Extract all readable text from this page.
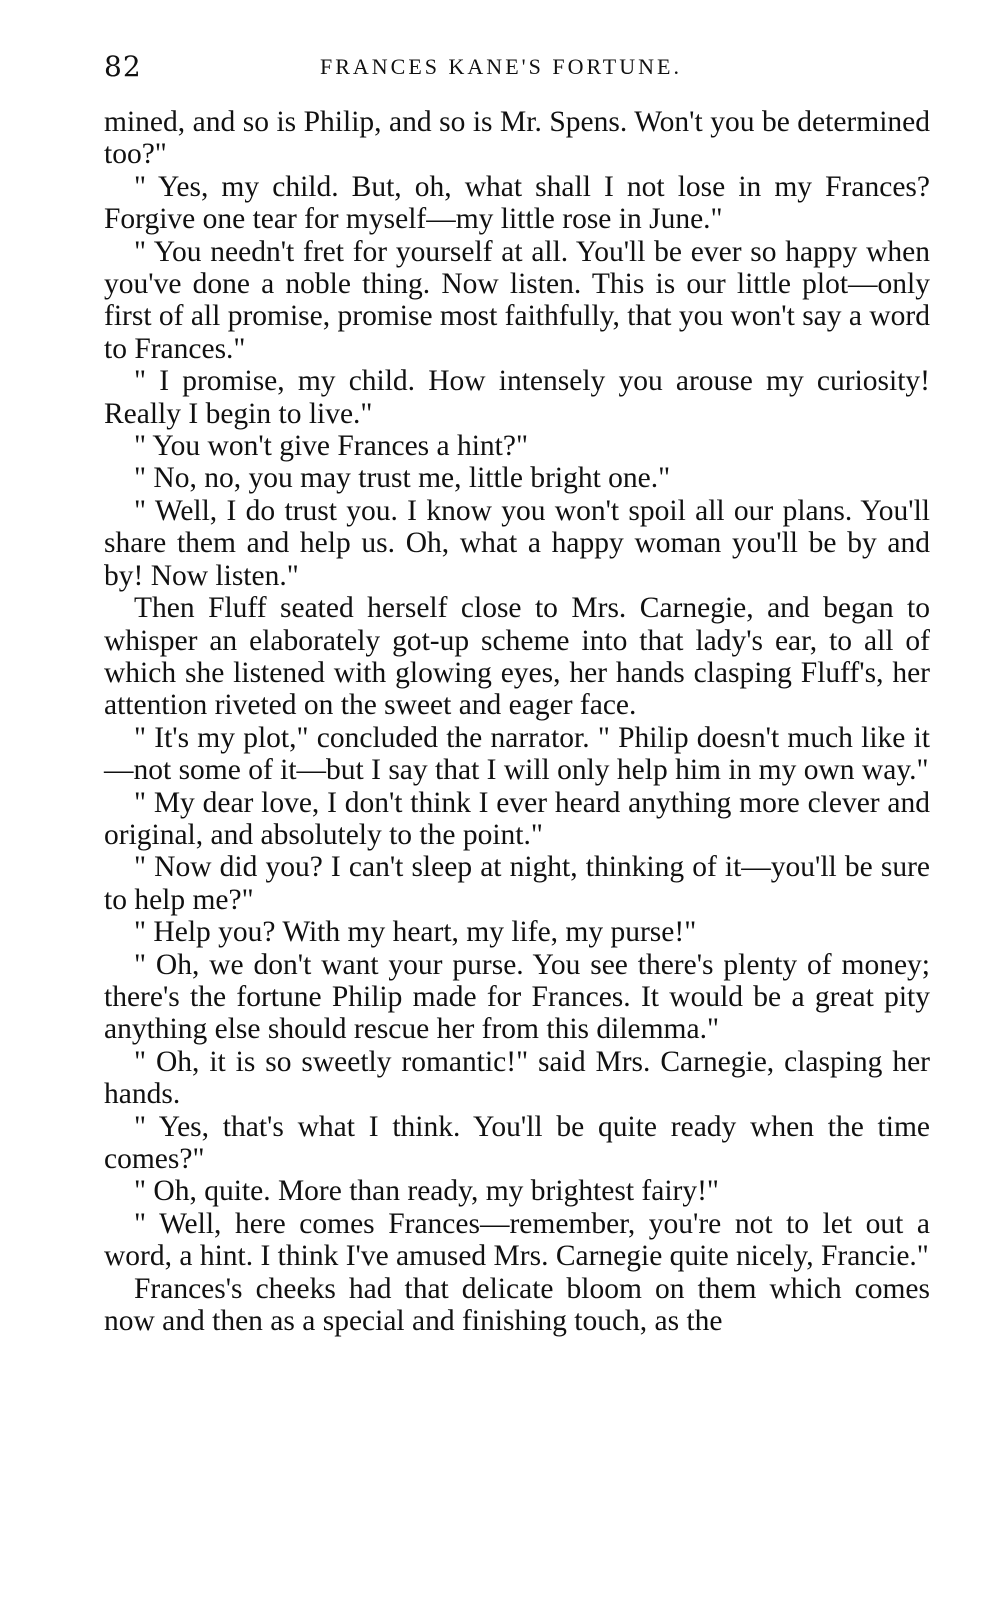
82	FRANCES KANE'S FORTUNE.

mined, and so is Philip, and so is Mr. Spens. Won't you be determined too?"

" Yes, my child. But, oh, what shall I not lose in my Frances? Forgive one tear for myself—my little rose in June."

" You needn't fret for yourself at all. You'll be ever so happy when you've done a noble thing. Now listen. This is our little plot—only first of all promise, promise most faithfully, that you won't say a word to Frances."

" I promise, my child. How intensely you arouse my curiosity! Really I begin to live."

" You won't give Frances a hint?"

" No, no, you may trust me, little bright one."

" Well, I do trust you. I know you won't spoil all our plans. You'll share them and help us. Oh, what a happy woman you'll be by and by! Now listen."

Then Fluff seated herself close to Mrs. Carnegie, and began to whisper an elaborately got-up scheme into that lady's ear, to all of which she listened with glowing eyes, her hands clasping Fluff's, her attention riveted on the sweet and eager face.

" It's my plot," concluded the narrator. " Philip doesn't much like it—not some of it—but I say that I will only help him in my own way."

" My dear love, I don't think I ever heard anything more clever and original, and absolutely to the point."

" Now did you? I can't sleep at night, thinking of it—you'll be sure to help me?"

" Help you? With my heart, my life, my purse!"

" Oh, we don't want your purse. You see there's plenty of money; there's the fortune Philip made for Frances. It would be a great pity anything else should rescue her from this dilemma."

" Oh, it is so sweetly romantic!" said Mrs. Carnegie, clasping her hands.

" Yes, that's what I think. You'll be quite ready when the time comes?"

" Oh, quite. More than ready, my brightest fairy!"

" Well, here comes Frances—remember, you're not to let out a word, a hint. I think I've amused Mrs. Carnegie quite nicely, Francie."

Frances's cheeks had that delicate bloom on them which comes now and then as a special and finishing touch, as the
